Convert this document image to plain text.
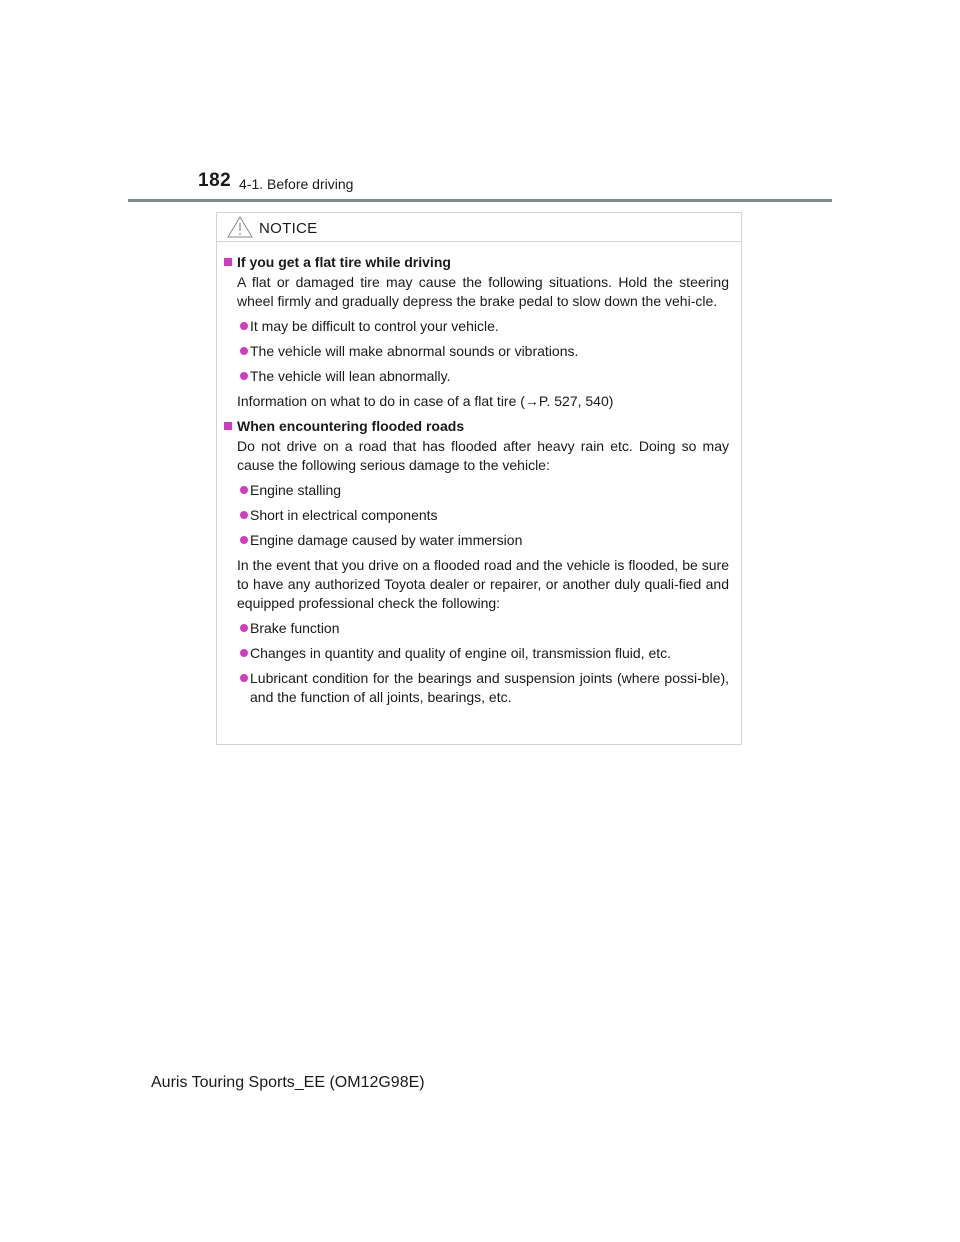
182 4-1. Before driving
NOTICE
If you get a flat tire while driving
A flat or damaged tire may cause the following situations. Hold the steering wheel firmly and gradually depress the brake pedal to slow down the vehi-cle.
It may be difficult to control your vehicle.
The vehicle will make abnormal sounds or vibrations.
The vehicle will lean abnormally.
Information on what to do in case of a flat tire (→P. 527, 540)
When encountering flooded roads
Do not drive on a road that has flooded after heavy rain etc. Doing so may cause the following serious damage to the vehicle:
Engine stalling
Short in electrical components
Engine damage caused by water immersion
In the event that you drive on a flooded road and the vehicle is flooded, be sure to have any authorized Toyota dealer or repairer, or another duly quali-fied and equipped professional check the following:
Brake function
Changes in quantity and quality of engine oil, transmission fluid, etc.
Lubricant condition for the bearings and suspension joints (where possi-ble), and the function of all joints, bearings, etc.
Auris Touring Sports_EE (OM12G98E)
